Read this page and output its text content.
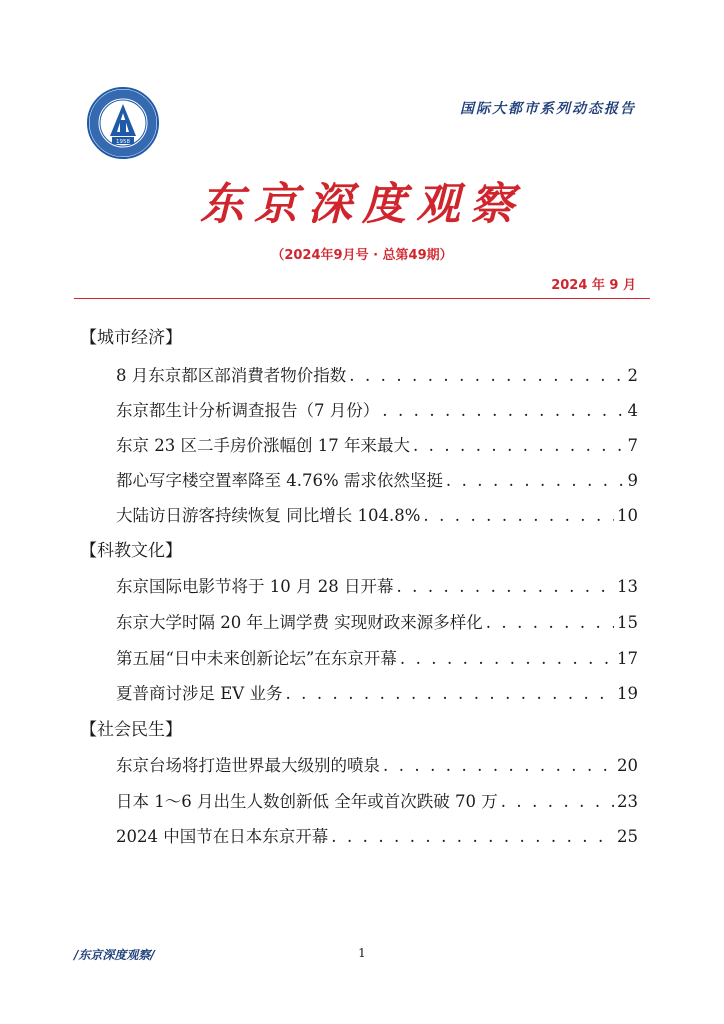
1958
国际大都市系列动态报告
东京深度观察
（2024年9月号 · 总第49期）
2024 年 9 月
【城市经济】
8 月东京都区部消費者物价指数 . . .	2
东京都生计分析调查报告（7 月份） . . .	4
东京 23 区二手房价涨幅创 17 年来最大 . . .	7
都心写字楼空置率降至 4.76% 需求依然坚挺 . . .	9
大陆访日游客持续恢复 同比增长 104.8% . . .	10
【科教文化】
东京国际电影节将于 10 月 28 日开幕 . . .	13
东京大学时隔 20 年上调学费 实现财政来源多样化 . . .	15
第五届“日中未来创新论坛”在东京开幕 . . .	17
夏普商讨涉足 EV 业务 . . .	19
【社会民生】
东京台场将打造世界最大级别的喷泉 . . .	20
日本 1～6 月出生人数创新低 全年或首次跌破 70 万 . . .	23
2024 中国节在日本东京开幕 . . .	25
/东京深度观察/	1
